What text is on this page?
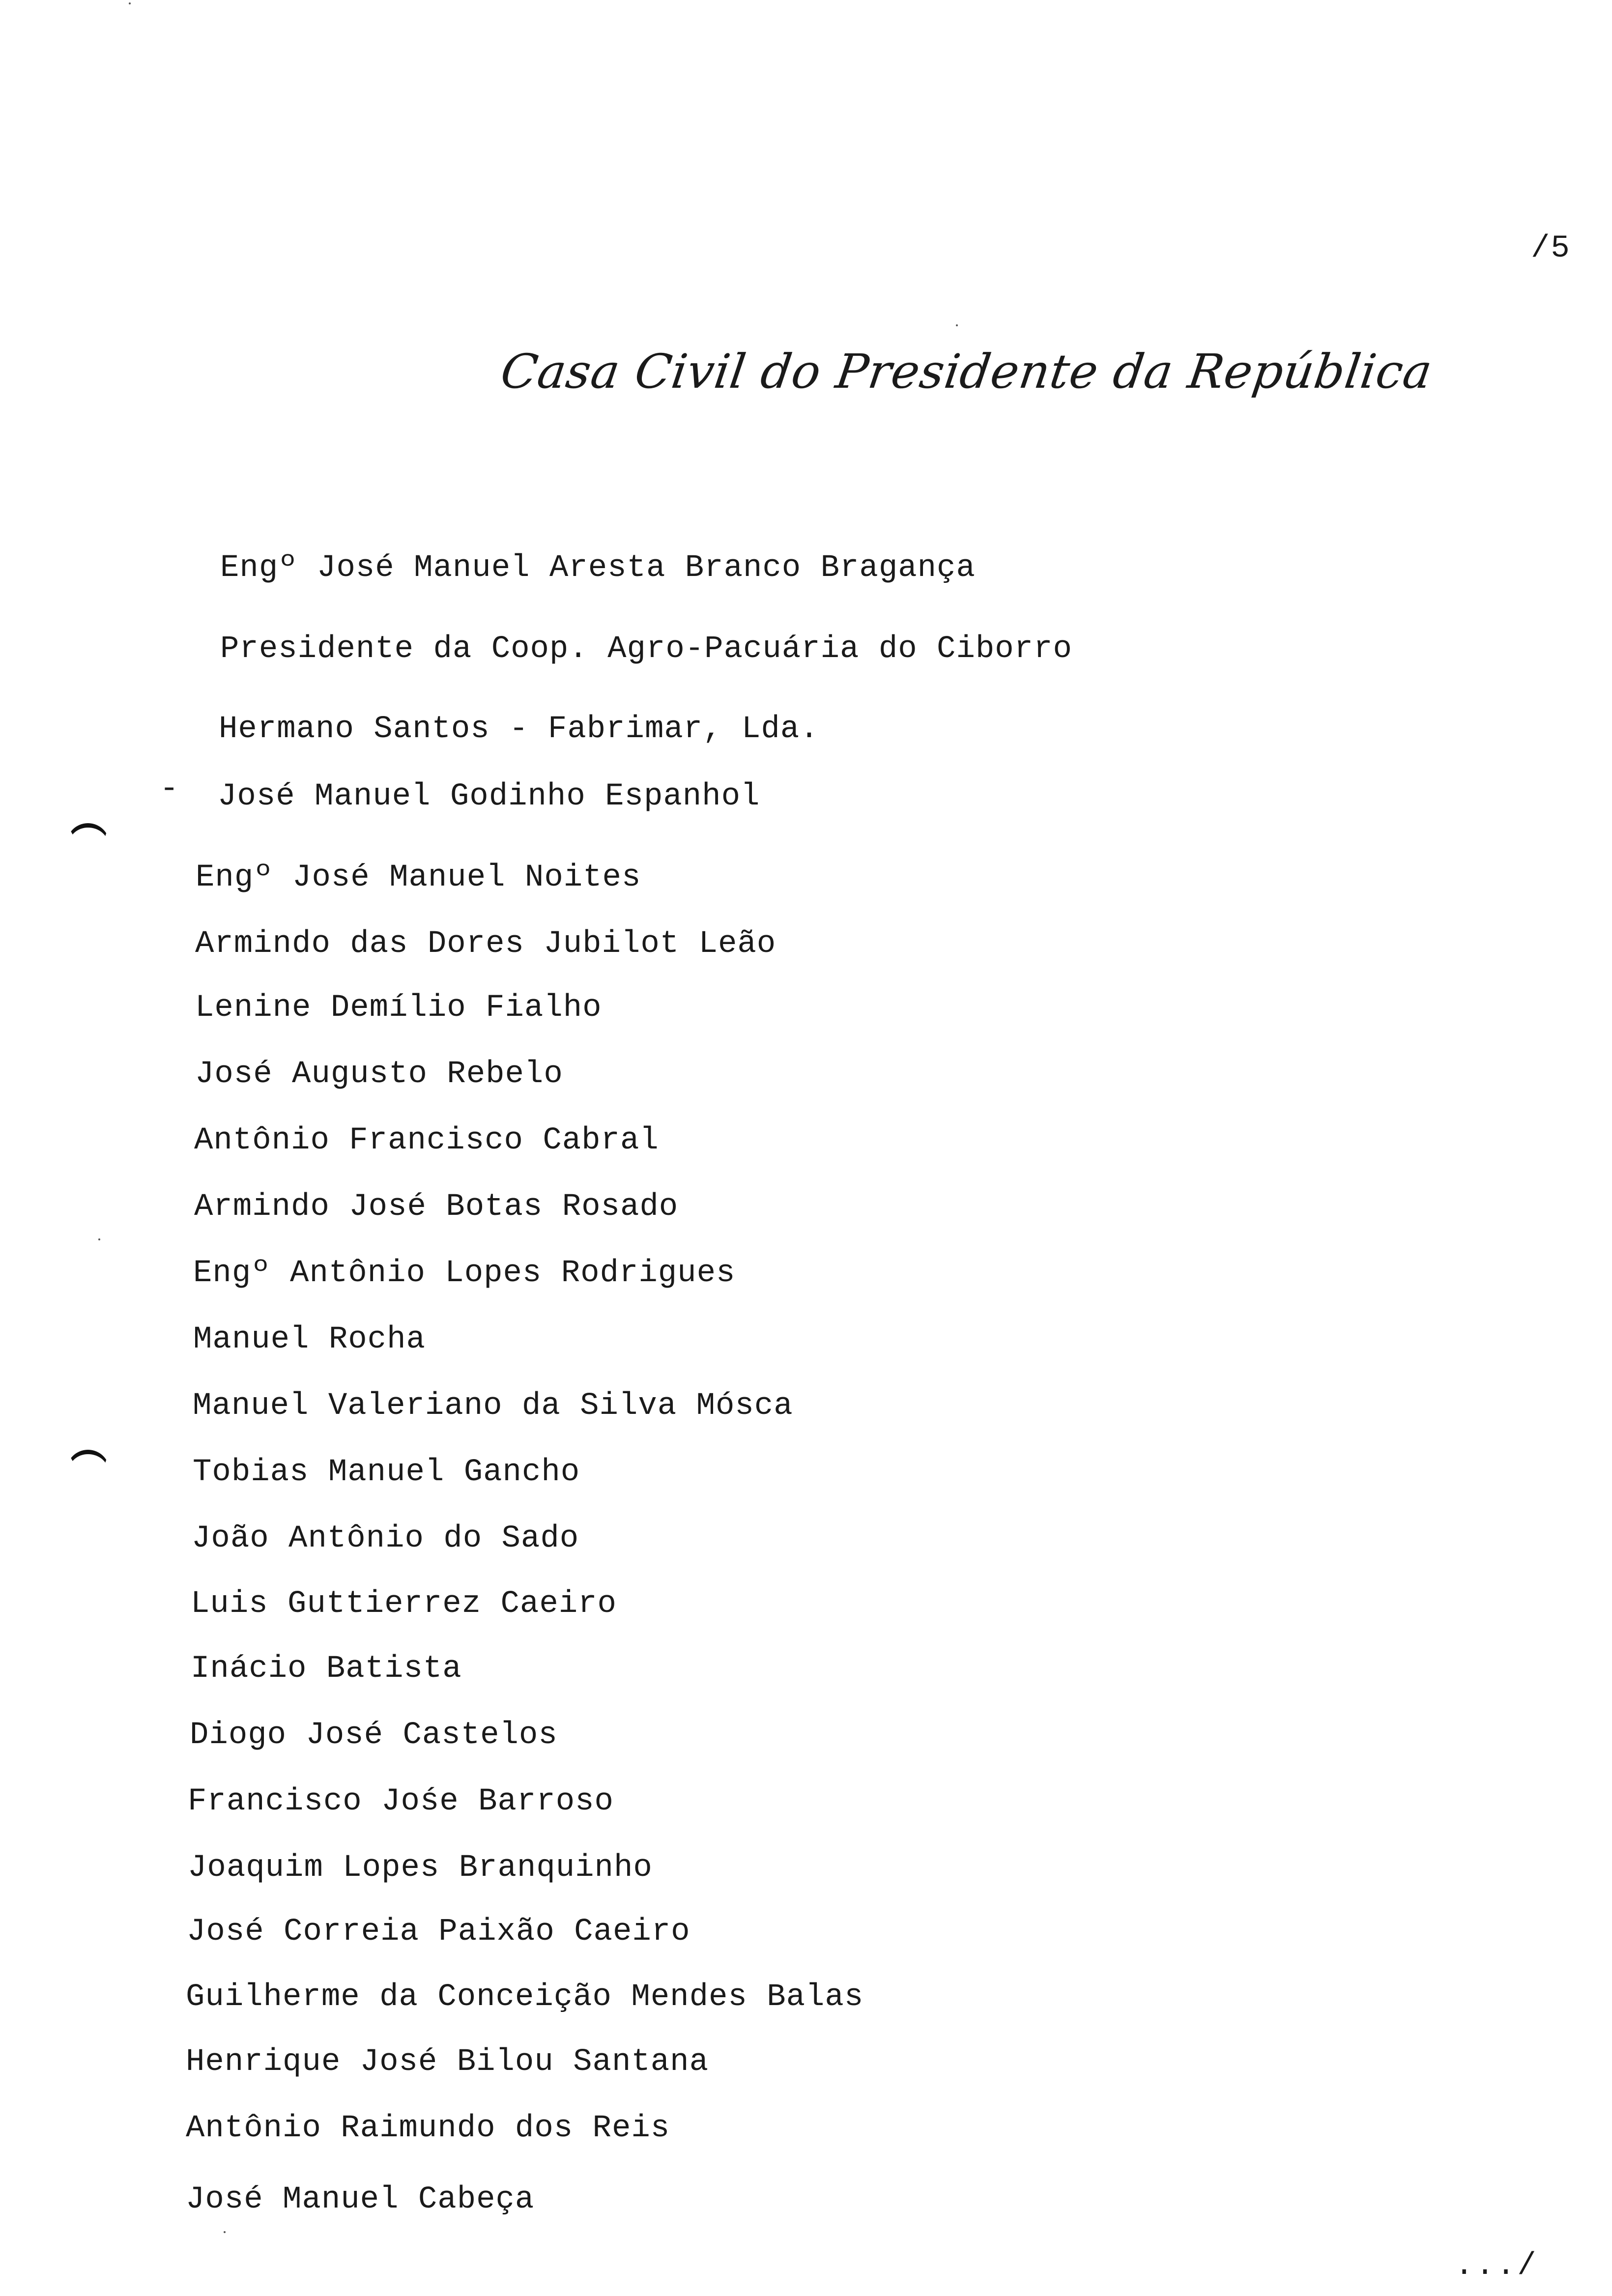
/5
Casa Civil do Presidente da República
-
Engº José Manuel Aresta Branco Bragança
Presidente da Coop. Agro-Pacuária do Ciborro
Hermano Santos - Fabrimar, Lda.
José Manuel Godinho Espanhol
Engº José Manuel Noites
Armindo das Dores Jubilot Leão
Lenine Demílio Fialho
José Augusto Rebelo
Antônio Francisco Cabral
Armindo José Botas Rosado
Engº Antônio Lopes Rodrigues
Manuel Rocha
Manuel Valeriano da Silva Mósca
Tobias Manuel Gancho
João Antônio do Sado
Luis Guttierrez Caeiro
Inácio Batista
Diogo José Castelos
Francisco Jośe Barroso
Joaquim Lopes Branquinho
José Correia Paixão Caeiro
Guilherme da Conceição Mendes Balas
Henrique José Bilou Santana
Antônio Raimundo dos Reis
José Manuel Cabeça
.../
